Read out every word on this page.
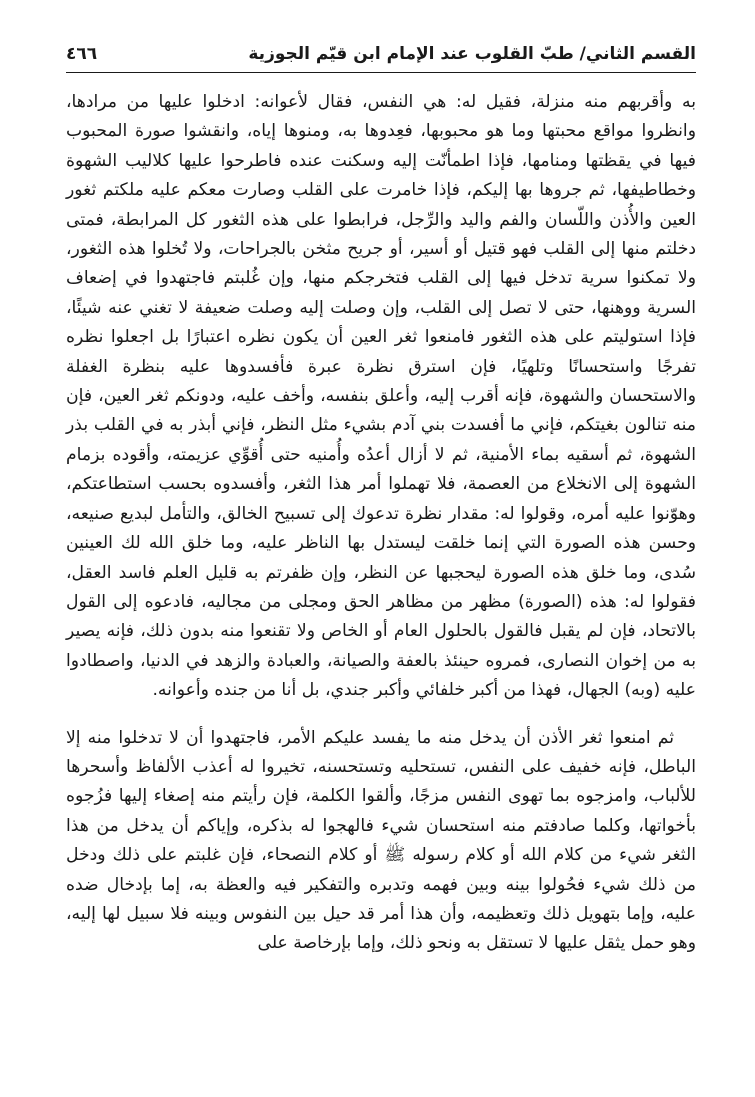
القسم الثاني/ طبّ القلوب عند الإمام ابن قيّم الجوزية
٤٦٦

به وأقربهم منه منزلة، فقيل له: هي النفس، فقال لأعوانه: ادخلوا عليها من مرادها، وانظروا مواقع محبتها وما هو محبوبها، فعِدوها به، ومنوها إياه، وانقشوا صورة المحبوب فيها في يقظتها ومنامها، فإذا اطمأنّت إليه وسكنت عنده فاطرحوا عليها كلاليب الشهوة وخطاطيفها، ثم جروها بها إليكم، فإذا خامرت على القلب وصارت معكم عليه ملكتم ثغور العين والأُذن واللّسان والفم واليد والرِّجل، فرابطوا على هذه الثغور كل المرابطة، فمتى دخلتم منها إلى القلب فهو قتيل أو أسير، أو جريح مثخن بالجراحات، ولا تُخلوا هذه الثغور، ولا تمكنوا سرية تدخل فيها إلى القلب فتخرجكم منها، وإن غُلبتم فاجتهدوا في إضعاف السرية ووهنها، حتى لا تصل إلى القلب، وإن وصلت إليه وصلت ضعيفة لا تغني عنه شيئًا، فإذا استوليتم على هذه الثغور فامنعوا ثغر العين أن يكون نظره اعتبارًا بل اجعلوا نظره تفرجًا واستحسانًا وتلهيًا، فإن استرق نظرة عبرة فأفسدوها عليه بنظرة الغفلة والاستحسان والشهوة، فإنه أقرب إليه، وأعلق بنفسه، وأخف عليه، ودونكم ثغر العين، فإن منه تنالون بغيتكم، فإني ما أفسدت بني آدم بشيء مثل النظر، فإني أبذر به في القلب بذر الشهوة، ثم أسقيه بماء الأمنية، ثم لا أزال أعدُه وأُمنيه حتى أُقوِّي عزيمته، وأقوده بزمام الشهوة إلى الانخلاع من العصمة، فلا تهملوا أمر هذا الثغر، وأفسدوه بحسب استطاعتكم، وهوّنوا عليه أمره، وقولوا له: مقدار نظرة تدعوك إلى تسبيح الخالق، والتأمل لبديع صنيعه، وحسن هذه الصورة التي إنما خلقت ليستدل بها الناظر عليه، وما خلق الله لك العينين سُدى، وما خلق هذه الصورة ليحجبها عن النظر، وإن ظفرتم به قليل العلم فاسد العقل، فقولوا له: هذه (الصورة) مظهر من مظاهر الحق ومجلى من مجاليه، فادعوه إلى القول بالاتحاد، فإن لم يقبل فالقول بالحلول العام أو الخاص ولا تقنعوا منه بدون ذلك، فإنه يصير به من إخوان النصارى، فمروه حينئذ بالعفة والصيانة، والعبادة والزهد في الدنيا، واصطادوا عليه (وبه) الجهال، فهذا من أكبر خلفائي وأكبر جندي، بل أنا من جنده وأعوانه.

ثم امنعوا ثغر الأذن أن يدخل منه ما يفسد عليكم الأمر، فاجتهدوا أن لا تدخلوا منه إلا الباطل، فإنه خفيف على النفس، تستحليه وتستحسنه، تخيروا له أعذب الألفاظ وأسحرها للألباب، وامزجوه بما تهوى النفس مزجًا، وألقوا الكلمة، فإن رأيتم منه إصغاء إليها فزُجوه بأخواتها، وكلما صادفتم منه استحسان شيء فالهجوا له بذكره، وإياكم أن يدخل من هذا الثغر شيء من كلام الله أو كلام رسوله ﷺ أو كلام النصحاء، فإن غلبتم على ذلك ودخل من ذلك شيء فحُولوا بينه وبين فهمه وتدبره والتفكير فيه والعظة به، إما بإدخال ضده عليه، وإما بتهويل ذلك وتعظيمه، وأن هذا أمر قد حيل بين النفوس وبينه فلا سبيل لها إليه، وهو حمل يثقل عليها لا تستقل به ونحو ذلك، وإما بإرخاصة على
